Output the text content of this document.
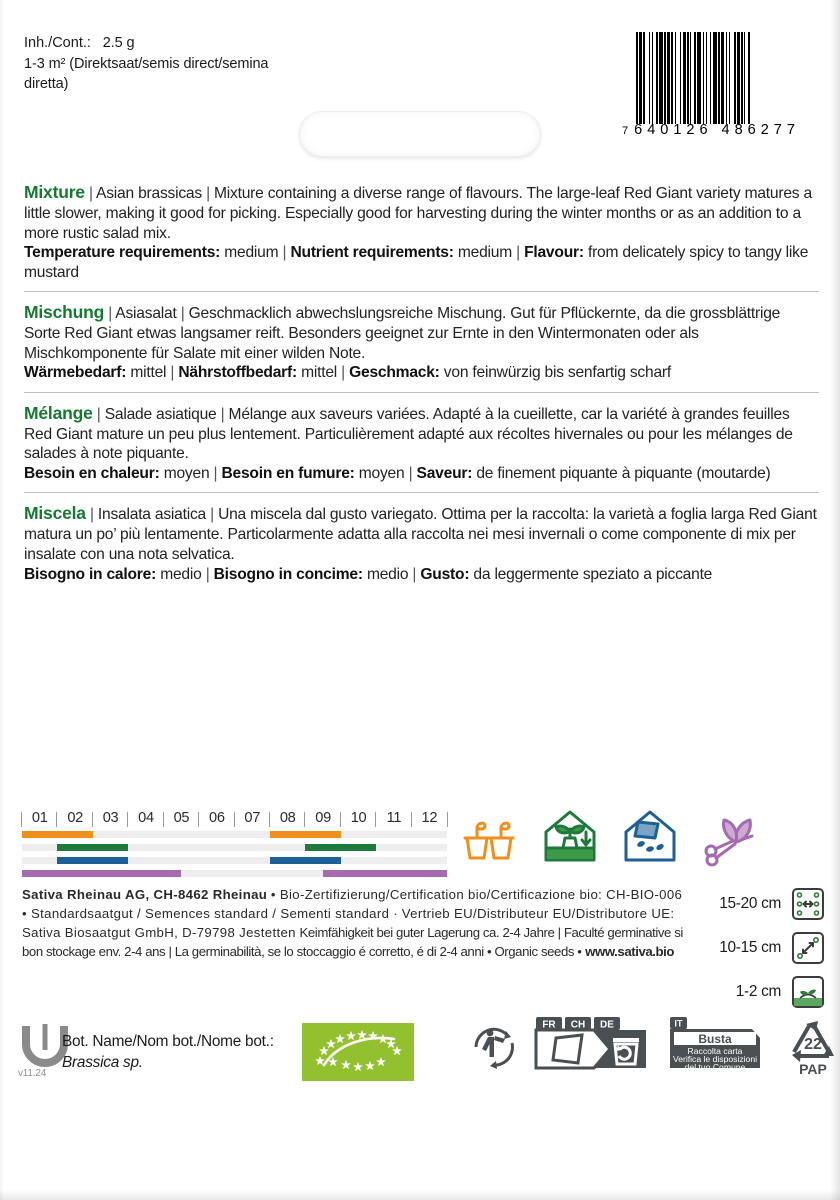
Inh./Cont.: 2.5 g
1-3 m² (Direktsaat/semis direct/semina
diretta)
7 640126 486277
Mixture | Asian brassicas | Mixture containing a diverse range of flavours. The large-leaf Red Giant variety matures a little slower, making it good for picking. Especially good for harvesting during the winter months or as an addition to a more rustic salad mix.
Temperature requirements: medium | Nutrient requirements: medium | Flavour: from delicately spicy to tangy like mustard
Mischung | Asiasalat | Geschmacklich abwechslungsreiche Mischung. Gut für Pflückernte, da die grossblättrige Sorte Red Giant etwas langsamer reift. Besonders geeignet zur Ernte in den Wintermonaten oder als Mischkomponente für Salate mit einer wilden Note.
Wärmebedarf: mittel | Nährstoffbedarf: mittel | Geschmack: von feinwürzig bis senfartig scharf
Mélange | Salade asiatique | Mélange aux saveurs variées. Adapté à la cueillette, car la variété à grandes feuilles Red Giant mature un peu plus lentement. Particulièrement adapté aux récoltes hivernales ou pour les mélanges de salades à note piquante.
Besoin en chaleur: moyen | Besoin en fumure: moyen | Saveur: de finement piquante à piquante (moutarde)
Miscela | Insalata asiatica | Una miscela dal gusto variegato. Ottima per la raccolta: la varietà a foglia larga Red Giant matura un po’ più lentamente. Particolarmente adatta alla raccolta nei mesi invernali o come componente di mix per insalate con una nota selvatica.
Bisogno in calore: medio | Bisogno in concime: medio | Gusto: da leggermente speziato a piccante
01	02	03	04	05	06	07	08	09	10	11	12
Sativa Rheinau AG, CH-8462 Rheinau • Bio-Zertifizierung/Certification bio/Certificazione bio: CH-BIO-006 • Standardsaatgut / Semences standard / Sementi standard · Vertrieb EU/Distributeur EU/Distributore UE: Sativa Biosaatgut GmbH, D-79798 Jestetten Keimfähigkeit bei guter Lagerung ca. 2-4 Jahre | Faculté germinative si bon stockage env. 2-4 ans | La germinabilità, se lo stoccaggio é corretto, é di 2-4 anni • Organic seeds • www.sativa.bio
15-20 cm
10-15 cm
1-2 cm
v11.24
Bot. Name/Nom bot./Nome bot.:
Brassica sp.
FR CH DE	IT
Busta
Raccolta carta
Verifica le disposizioni
del tuo Comune
22
PAP
